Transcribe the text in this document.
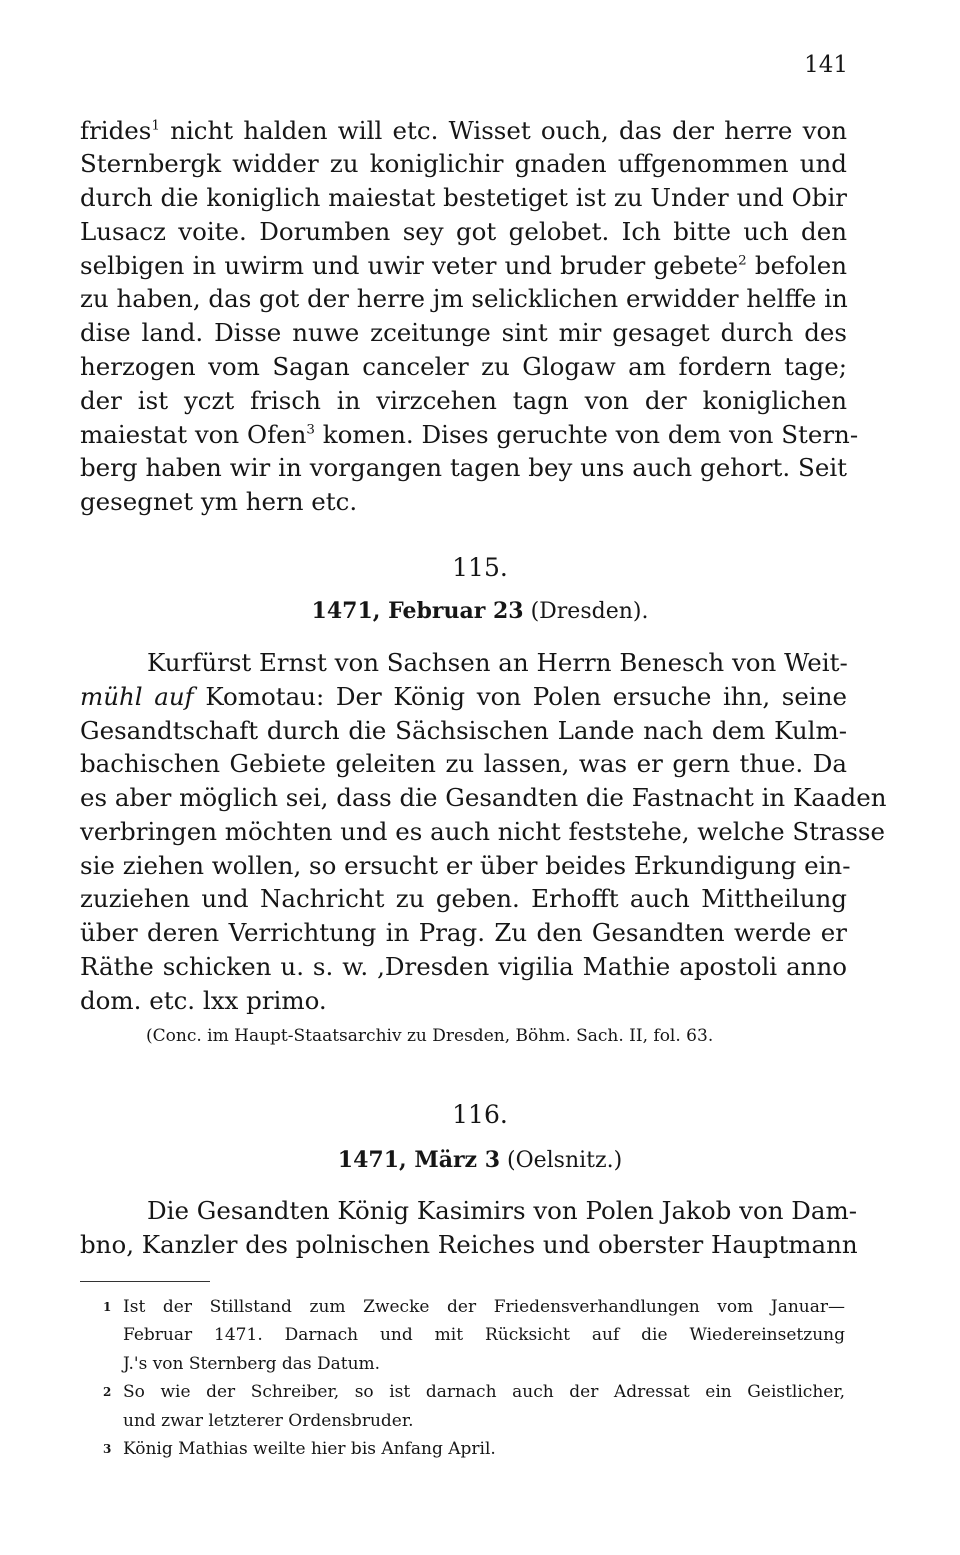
141
frides$^1$ nicht halden will etc. Wisset ouch, das der herre von
Sternbergk widder zu koniglichir gnaden uffgenommen und
durch die koniglich maiestat bestetiget ist zu Under und Obir
Lusacz voite. Dorumben sey got gelobet. Ich bitte uch den
selbigen in uwirm und uwir veter und bruder gebete$^2$ befolen
zu haben, das got der herre jm selicklichen erwidder helffe in
dise land. Disse nuwe zceitunge sint mir gesaget durch des
herzogen vom Sagan canceler zu Glogaw am fordern tage;
der ist yczt frisch in virzcehen tagn von der koniglichen
maiestat von Ofen$^3$ komen. Dises geruchte von dem von Stern-
berg haben wir in vorgangen tagen bey uns auch gehort. Seit
gesegnet ym hern etc.
115.
1471, Februar 23 (Dresden).
Kurfürst Ernst von Sachsen an Herrn Benesch von Weit-
mühl auf Komotau: Der König von Polen ersuche ihn, seine
Gesandtschaft durch die Sächsischen Lande nach dem Kulm-
bachischen Gebiete geleiten zu lassen, was er gern thue. Da
es aber möglich sei, dass die Gesandten die Fastnacht in Kaaden
verbringen möchten und es auch nicht feststehe, welche Strasse
sie ziehen wollen, so ersucht er über beides Erkundigung ein-
zuziehen und Nachricht zu geben. Erhofft auch Mittheilung
über deren Verrichtung in Prag. Zu den Gesandten werde er
Räthe schicken u. s. w. ,Dresden vigilia Mathie apostoli anno
dom. etc. lxx primo.
(Conc. im Haupt-Staatsarchiv zu Dresden, Böhm. Sach. II, fol. 63.
116.
1471, März 3 (Oelsnitz.)
Die Gesandten König Kasimirs von Polen Jakob von Dam-
bno, Kanzler des polnischen Reiches und oberster Hauptmann
1 Ist der Stillstand zum Zwecke der Friedensverhandlungen vom Januar—
Februar 1471. Darnach und mit Rücksicht auf die Wiedereinsetzung
J.'s von Sternberg das Datum.
2 So wie der Schreiber, so ist darnach auch der Adressat ein Geistlicher,
und zwar letzterer Ordensbruder.
3 König Mathias weilte hier bis Anfang April.
